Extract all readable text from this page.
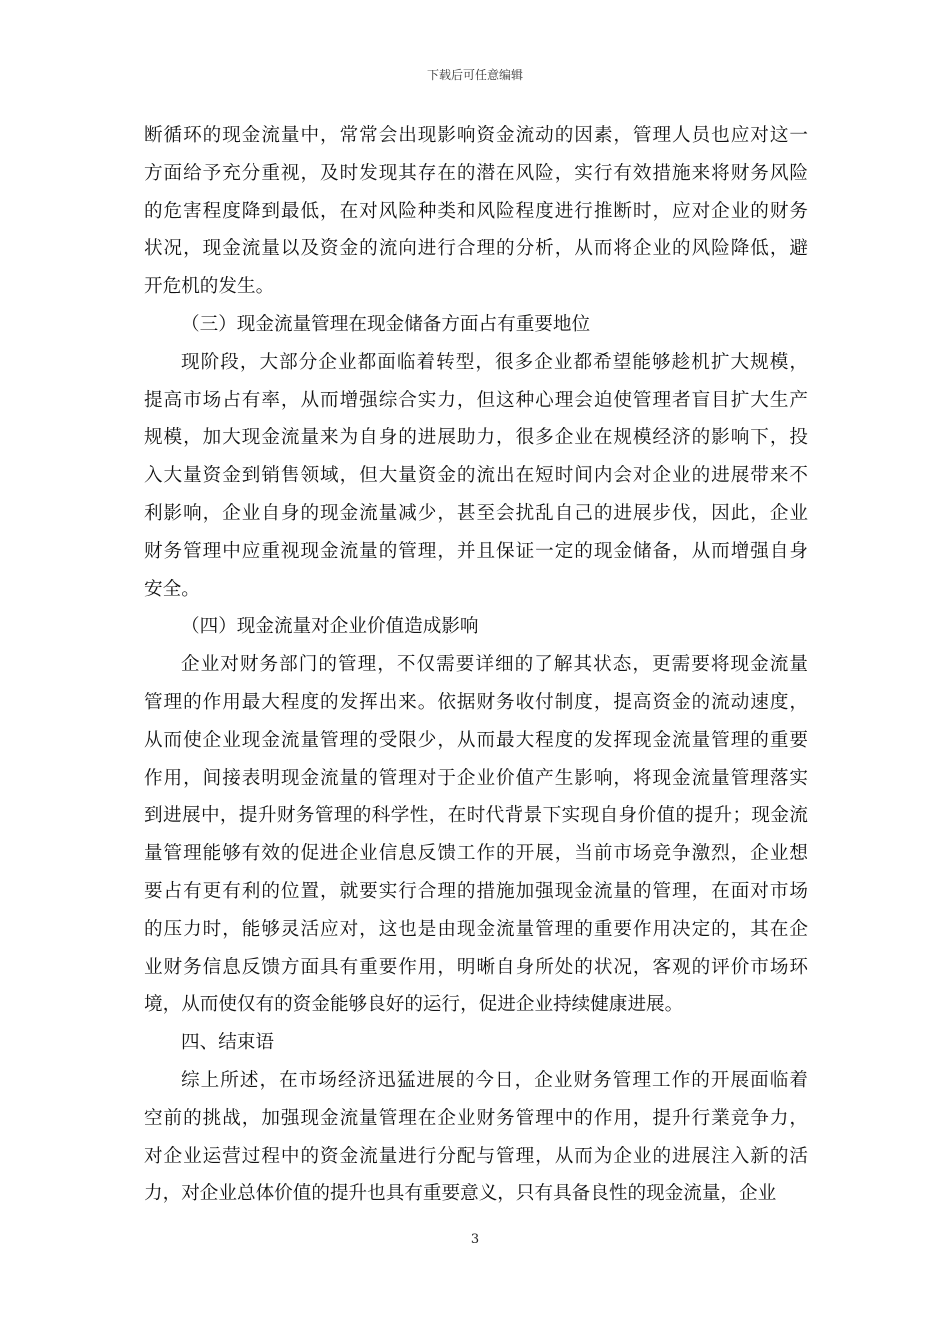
下载后可任意编辑
断循环的现金流量中，常常会出现影响资金流动的因素，管理人员也应对这一
方面给予充分重视，及时发现其存在的潜在风险，实行有效措施来将财务风险
的危害程度降到最低，在对风险种类和风险程度进行推断时，应对企业的财务
状况，现金流量以及资金的流向进行合理的分析，从而将企业的风险降低，避
开危机的发生。
（三）现金流量管理在现金储备方面占有重要地位
现阶段，大部分企业都面临着转型，很多企业都希望能够趁机扩大规模，
提高市场占有率，从而增强综合实力，但这种心理会迫使管理者盲目扩大生产
规模，加大现金流量来为自身的进展助力，很多企业在规模经济的影响下，投
入大量资金到销售领域，但大量资金的流出在短时间内会对企业的进展带来不
利影响，企业自身的现金流量减少，甚至会扰乱自己的进展步伐，因此，企业
财务管理中应重视现金流量的管理，并且保证一定的现金储备，从而增强自身
安全。
（四）现金流量对企业价值造成影响
企业对财务部门的管理，不仅需要详细的了解其状态，更需要将现金流量
管理的作用最大程度的发挥出来。依据财务收付制度，提高资金的流动速度，
从而使企业现金流量管理的受限少，从而最大程度的发挥现金流量管理的重要
作用，间接表明现金流量的管理对于企业价值产生影响，将现金流量管理落实
到进展中，提升财务管理的科学性，在时代背景下实现自身价值的提升；现金流
量管理能够有效的促进企业信息反馈工作的开展，当前市场竞争激烈，企业想
要占有更有利的位置，就要实行合理的措施加强现金流量的管理，在面对市场
的压力时，能够灵活应对，这也是由现金流量管理的重要作用决定的，其在企
业财务信息反馈方面具有重要作用，明晰自身所处的状况，客观的评价市场环
境，从而使仅有的资金能够良好的运行，促进企业持续健康进展。
四、结束语
综上所述，在市场经济迅猛进展的今日，企业财务管理工作的开展面临着
空前的挑战，加强现金流量管理在企业财务管理中的作用，提升行業竞争力，
对企业运营过程中的资金流量进行分配与管理，从而为企业的进展注入新的活
力，对企业总体价值的提升也具有重要意义，只有具备良性的现金流量，企业
3
